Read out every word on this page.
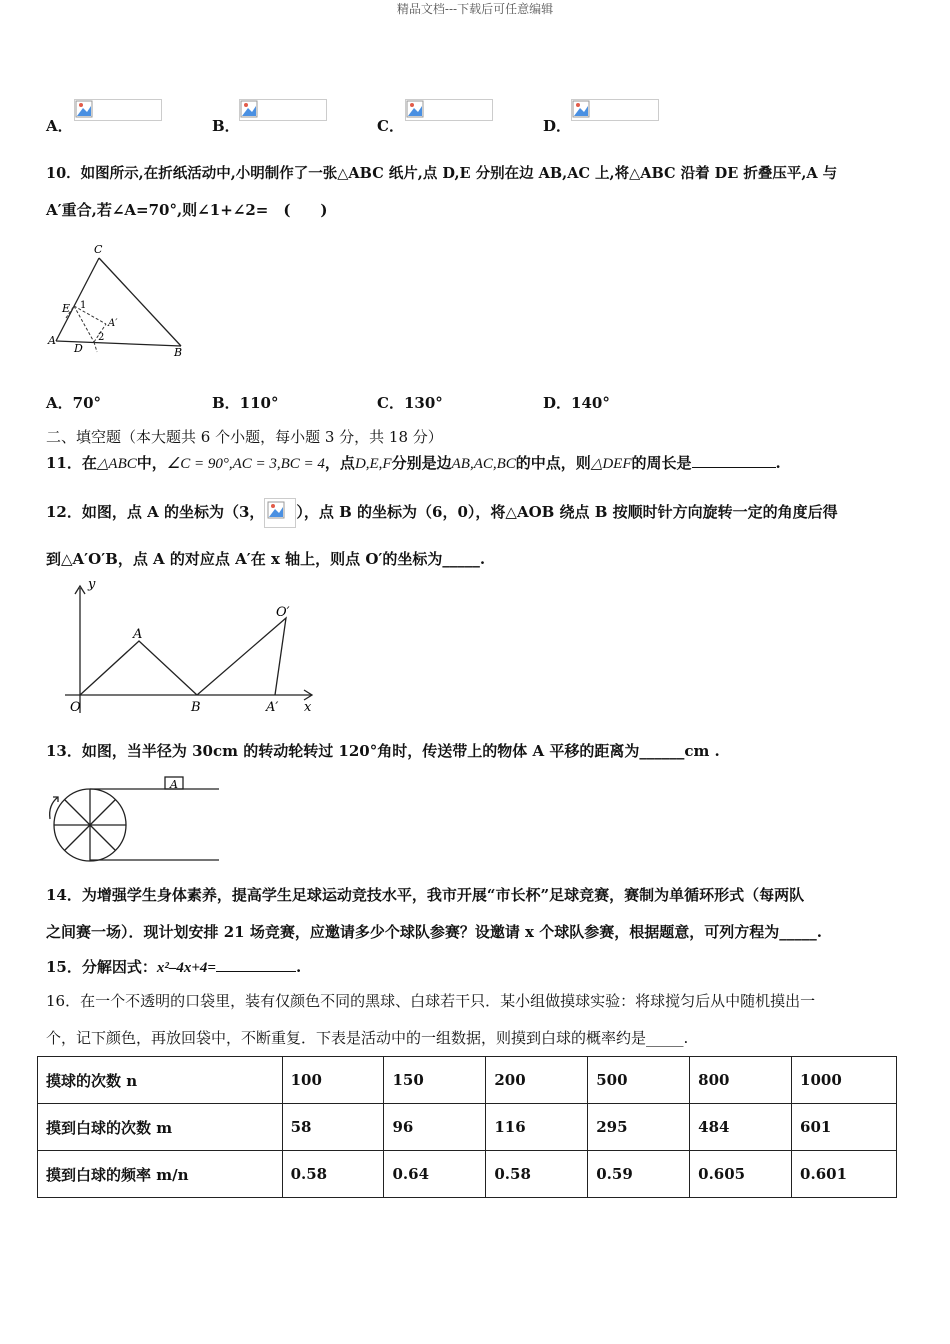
精品文档---下载后可任意编辑
A．	B．	C．	D．
10．如图所示,在折纸活动中,小明制作了一张△ABC 纸片,点 D,E 分别在边 AB,AC 上,将△ABC 沿着 DE 折叠压平,A 与
A′重合,若∠A=70°,则∠1+∠2=　(　　)
C
E 1
A′
A
D
2
B
A．70°	B．110°	C．130°	D．140°
二、填空题（本大题共 6 个小题，每小题 3 分，共 18 分）
11．在△ABC中，∠C = 90°,AC = 3,BC = 4，点D,E,F分别是边AB,AC,BC的中点，则△DEF的周长是	.
12．如图，点 A 的坐标为（3， ），点 B 的坐标为（6，0），将△AOB 绕点 B 按顺时针方向旋转一定的角度后得
到△A′O′B，点 A 的对应点 A′在 x 轴上，则点 O′的坐标为_____.
y
A
O′
O	B	A′ x
13．如图，当半径为 30cm 的转动轮转过 120°角时，传送带上的物体 A 平移的距离为______cm .
A
14．为增强学生身体素养，提高学生足球运动竞技水平，我市开展“市长杯”足球竞赛，赛制为单循环形式（每两队
之间赛一场）．现计划安排 21 场竞赛，应邀请多少个球队参赛？设邀请 x 个球队参赛，根据题意，可列方程为_____.
15．分解因式：x²–4x+4=	.
16．在一个不透明的口袋里，装有仅颜色不同的黑球、白球若干只．某小组做摸球实验：将球搅匀后从中随机摸出一
个，记下颜色，再放回袋中，不断重复．下表是活动中的一组数据，则摸到白球的概率约是_____.
摸球的次数 n	100	150	200	500	800	1000
摸到白球的次数 m	58	96	116	295	484	601
摸到白球的频率 m/n	0.58	0.64	0.58	0.59	0.605	0.601
